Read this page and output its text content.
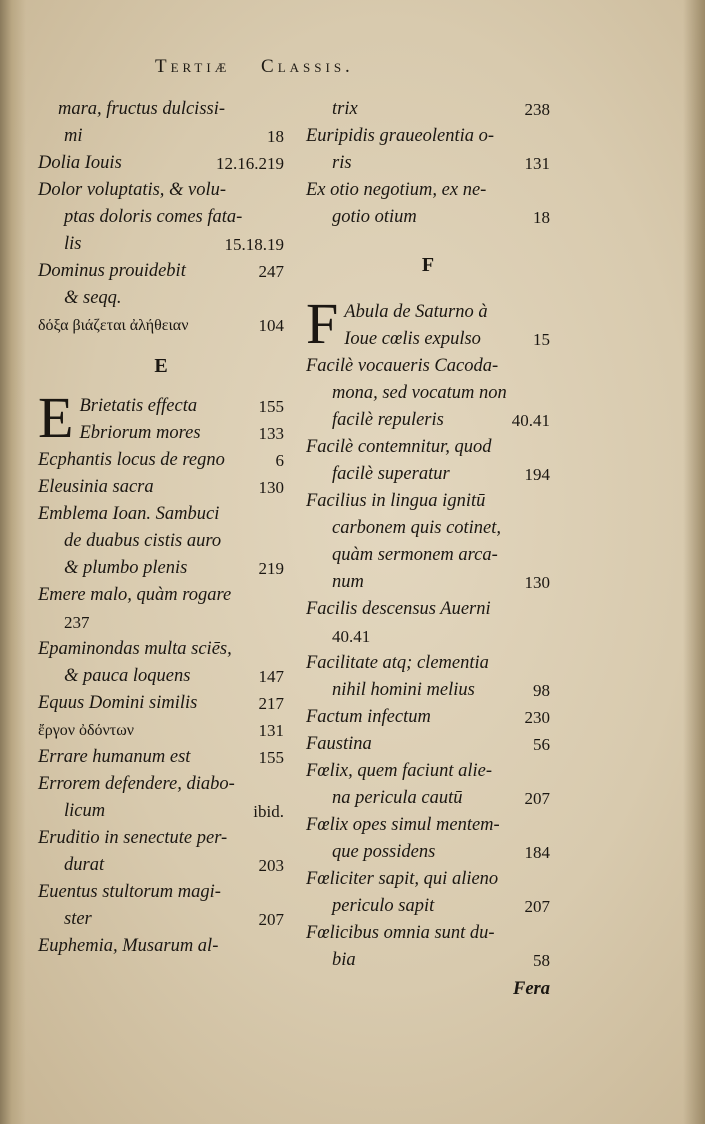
Tertiæ Classis.
mara, fructus dulcissi-
mi	18
Dolia Iouis	12.16.219
Dolor voluptatis, & volu-
ptas doloris comes fata-
lis	15.18.19
Dominus prouidebit	247
& seqq.
δόξα βιάζεται ἀλήθειαν	104
E
E Brietatis effecta	155
Ebriorum mores	133
Ecphantis locus de regno	6
Eleusinia sacra	130
Emblema Ioan. Sambuci
de duabus cistis auro
& plumbo plenis	219
Emere malo, quàm rogare
237
Epaminondas multa sciēs,
& pauca loquens	147
Equus Domini similis	217
ἔργον ὀδόντων	131
Errare humanum est	155
Errorem defendere, diabo-
licum	ibid.
Eruditio in senectute per-
durat	203
Euentus stultorum magi-
ster	207
Euphemia, Musarum al-
trix	238
Euripidis graueolentia o-
ris	131
Ex otio negotium, ex ne-
gotio otium	18
F
F Abula de Saturno à
Ioue cœlis expulso	15
Facilè vocaueris Cacoda-
mona, sed vocatum non
facilè repuleris	40.41
Facilè contemnitur, quod
facilè superatur	194
Facilius in lingua ignitū
carbonem quis cotinet,
quàm sermonem arca-
num	130
Facilis descensus Auerni
40.41
Facilitate atq; clementia
nihil homini melius	98
Factum infectum	230
Faustina	56
Fœlix, quem faciunt alie-
na pericula cautū	207
Fœlix opes simul mentem-
que possidens	184
Fœliciter sapit, qui alieno
periculo sapit	207
Fœlicibus omnia sunt du-
bia	58
Fera
